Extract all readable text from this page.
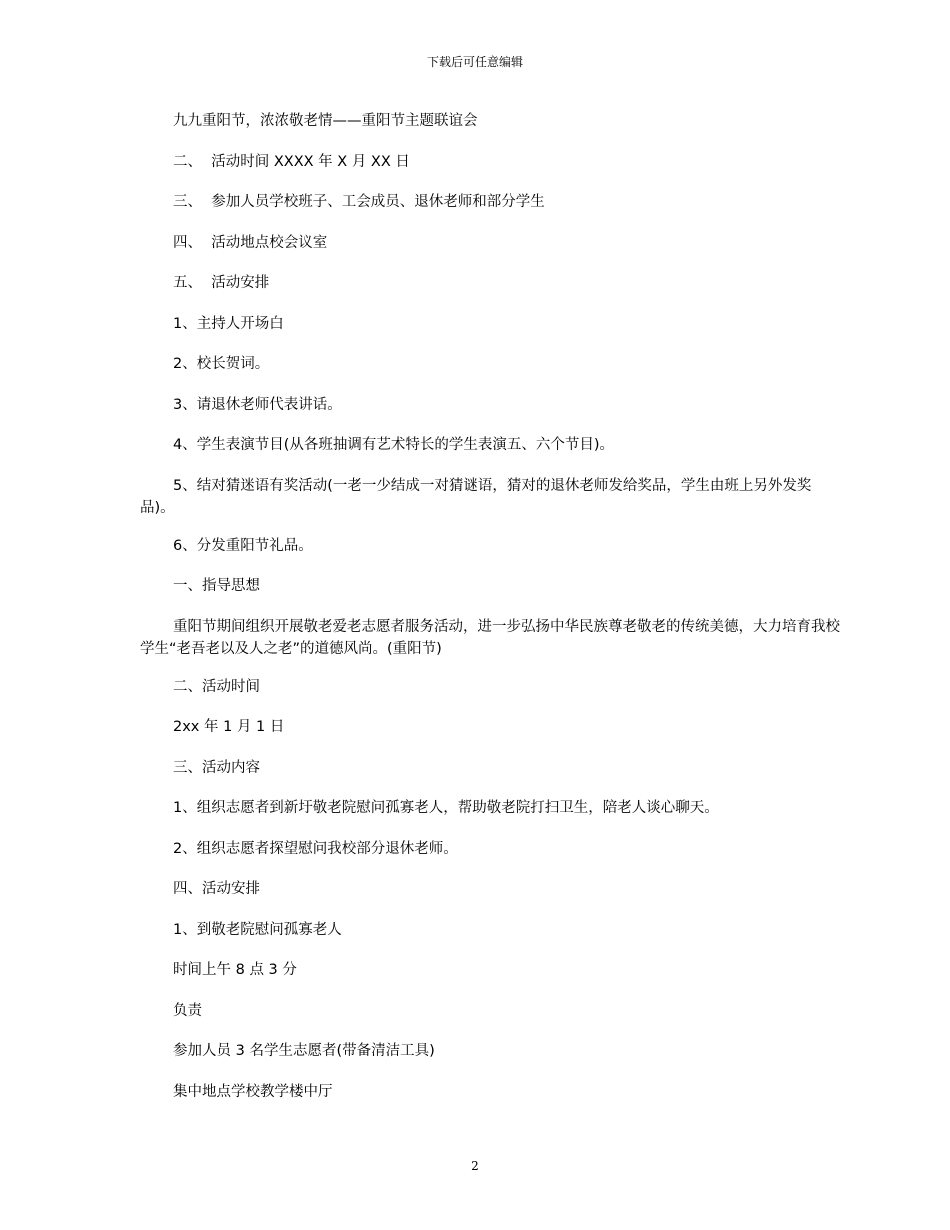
下载后可任意编辑

九九重阳节，浓浓敬老情——重阳节主题联谊会

二、  活动时间 XXXX 年 X 月 XX 日

三、  参加人员学校班子、工会成员、退休老师和部分学生

四、  活动地点校会议室

五、  活动安排

1、主持人开场白

2、校长贺词。

3、请退休老师代表讲话。

4、学生表演节目(从各班抽调有艺术特长的学生表演五、六个节目)。

5、结对猜迷语有奖活动(一老一少结成一对猜谜语，猜对的退休老师发给奖品，学生由班上另外发奖品)。

6、分发重阳节礼品。

一、指导思想

重阳节期间组织开展敬老爱老志愿者服务活动，进一步弘扬中华民族尊老敬老的传统美德，大力培育我校学生“老吾老以及人之老”的道德风尚。(重阳节)

二、活动时间

2xx 年 1 月 1 日

三、活动内容

1、组织志愿者到新圩敬老院慰问孤寡老人，帮助敬老院打扫卫生，陪老人谈心聊天。

2、组织志愿者探望慰问我校部分退休老师。

四、活动安排

1、到敬老院慰问孤寡老人

时间上午 8 点 3 分

负责

参加人员 3 名学生志愿者(带备清洁工具)

集中地点学校教学楼中厅

2
